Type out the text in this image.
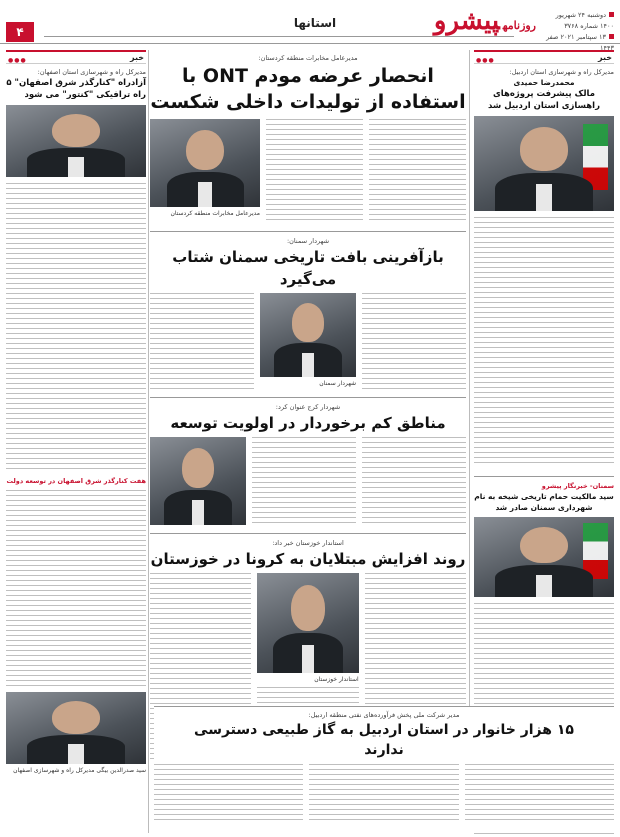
۴
استانها	روزنامهپیشرو	دوشنبه ۲۴ شهریور ۱۴۰۰ شماره ۳۷۶۸
۱۳ سپتامبر ۲۰۲۱ صفر ۱۴۴۳
خبر
●●●
مدیرکل راه و شهرسازی استان اردبیل:
محمدرضا حمیدی
مالک پیشرفت پروژه‌های راهسازی استان اردبیل شد
سمنان- خبرنگار پیشرو
سید مالکیت حمام تاریخی شیخه به نام شهرداری سمنان صادر شد
مدیرعامل مخابرات منطقه کردستان:
انحصار عرضه مودم ONT با استفاده از تولیدات داخلی شکست
مدیرعامل مخابرات منطقه کردستان
شهردار سمنان:
بازآفرینی بافت تاریخی سمنان شتاب می‌گیرد
شهردار سمنان
شهردار کرج عنوان کرد:
مناطق کم برخوردار در اولویت توسعه
استاندار خوزستان خبر داد:
روند افزایش مبتلایان به کرونا در خوزستان
استاندار خوزستان
مدیر شرکت ملی پخش فرآورده‌های نفتی منطقه اردبیل:
۱۵ هزار خانوار در استان اردبیل به گاز طبیعی دسترسی ندارند
خبر
●●●
مدیرکل راه و شهرسازی استان اصفهان:
آزادراه "کنارگذر شرق اصفهان" ۵ راه ترافیکی "کنتور" می شود
هفت کنارگذر شرق اصفهان در توسعه دولت
سید صدرالدین بیگی مدیرکل راه و شهرسازی اصفهان
